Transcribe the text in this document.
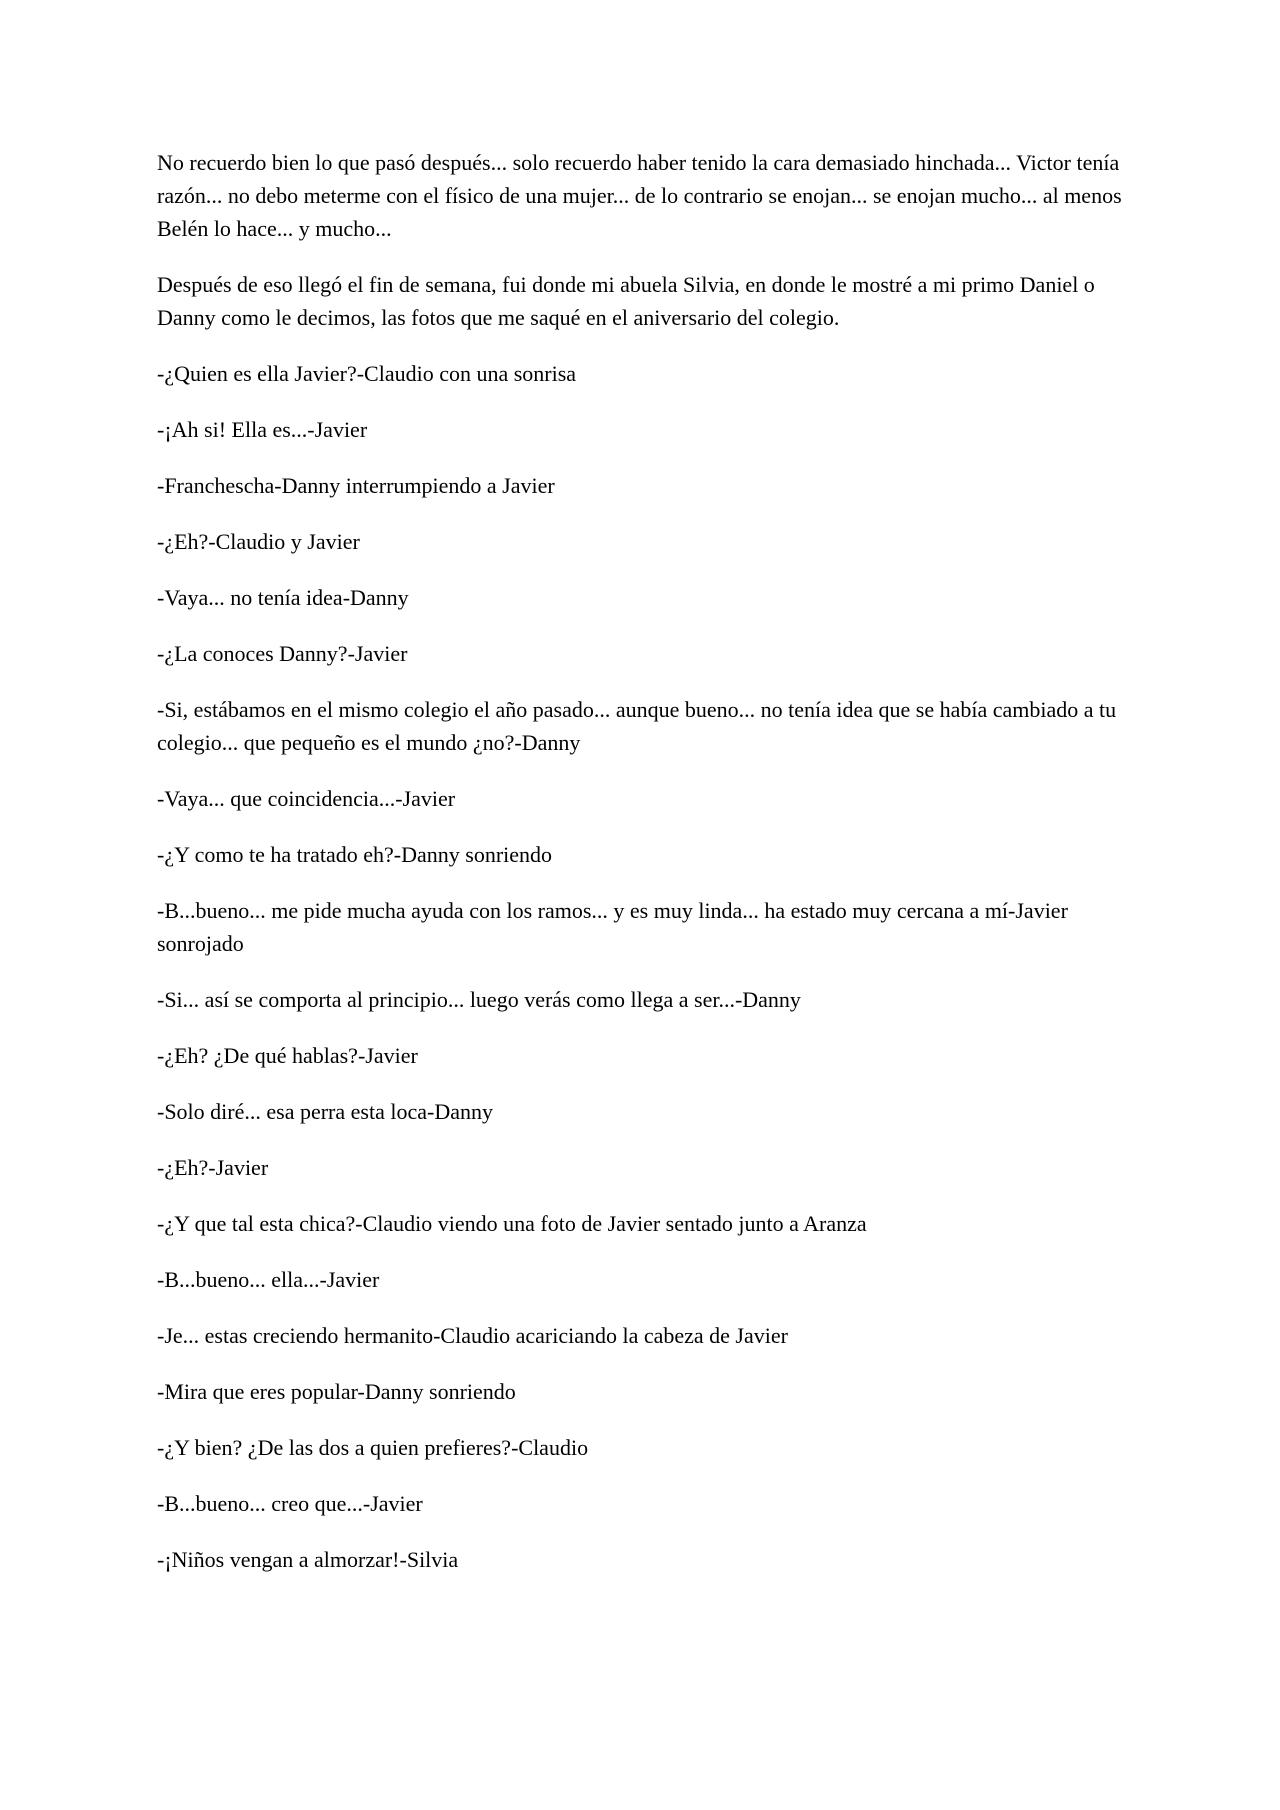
No recuerdo bien lo que pasó después... solo recuerdo haber tenido la cara demasiado hinchada... Victor tenía razón... no debo meterme con el físico de una mujer... de lo contrario se enojan... se enojan mucho... al menos Belén lo hace... y mucho...

Después de eso llegó el fin de semana, fui donde mi abuela Silvia, en donde le mostré a mi primo Daniel o Danny como le decimos, las fotos que me saqué en el aniversario del colegio.

-¿Quien es ella Javier?-Claudio con una sonrisa

-¡Ah si! Ella es...-Javier

-Franchescha-Danny interrumpiendo a Javier

-¿Eh?-Claudio y Javier

-Vaya... no tenía idea-Danny

-¿La conoces Danny?-Javier

-Si, estábamos en el mismo colegio el año pasado... aunque bueno... no tenía idea que se había cambiado a tu colegio... que pequeño es el mundo ¿no?-Danny

-Vaya... que coincidencia...-Javier

-¿Y como te ha tratado eh?-Danny sonriendo

-B...bueno... me pide mucha ayuda con los ramos... y es muy linda... ha estado muy cercana a mí-Javier sonrojado

-Si... así se comporta al principio... luego verás como llega a ser...-Danny

-¿Eh? ¿De qué hablas?-Javier

-Solo diré... esa perra esta loca-Danny

-¿Eh?-Javier

-¿Y que tal esta chica?-Claudio viendo una foto de Javier sentado junto a Aranza

-B...bueno... ella...-Javier

-Je... estas creciendo hermanito-Claudio acariciando la cabeza de Javier

-Mira que eres popular-Danny sonriendo

-¿Y bien? ¿De las dos a quien prefieres?-Claudio

-B...bueno... creo que...-Javier

-¡Niños vengan a almorzar!-Silvia
